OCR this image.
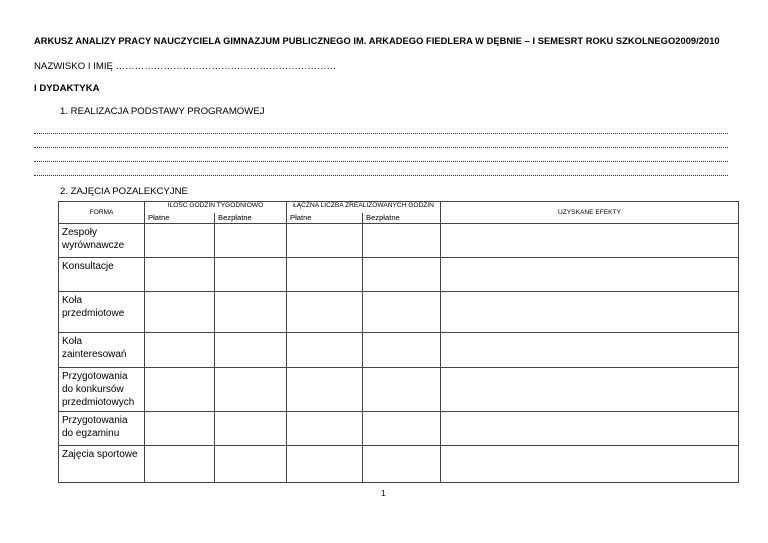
ARKUSZ ANALIZY PRACY NAUCZYCIELA GIMNAZJUM PUBLICZNEGO IM. ARKADEGO FIEDLERA W DĘBNIE – I SEMESRT ROKU SZKOLNEGO2009/2010
NAZWISKO I IMIĘ ……………………………………………………………
I DYDAKTYKA
1. REALIZACJA PODSTAWY PROGRAMOWEJ
2. ZAJĘCIA POZALEKCYJNE
FORMA	ILOŚC GODZIN TYGODNIOWO		ŁĄCZNA LICZBA ZREALIZOWANYCH GODZIN		UZYSKANE EFEKTY
	Płatne	Bezpłatne	Płatne	Bezpłatne	
Zespoły wyrównawcze					
Konsultacje					
Koła przedmiotowe					
Koła zainteresowań					
Przygotowania do konkursów przedmiotowych					
Przygotowania do egzaminu					
Zajęcia sportowe					
1
